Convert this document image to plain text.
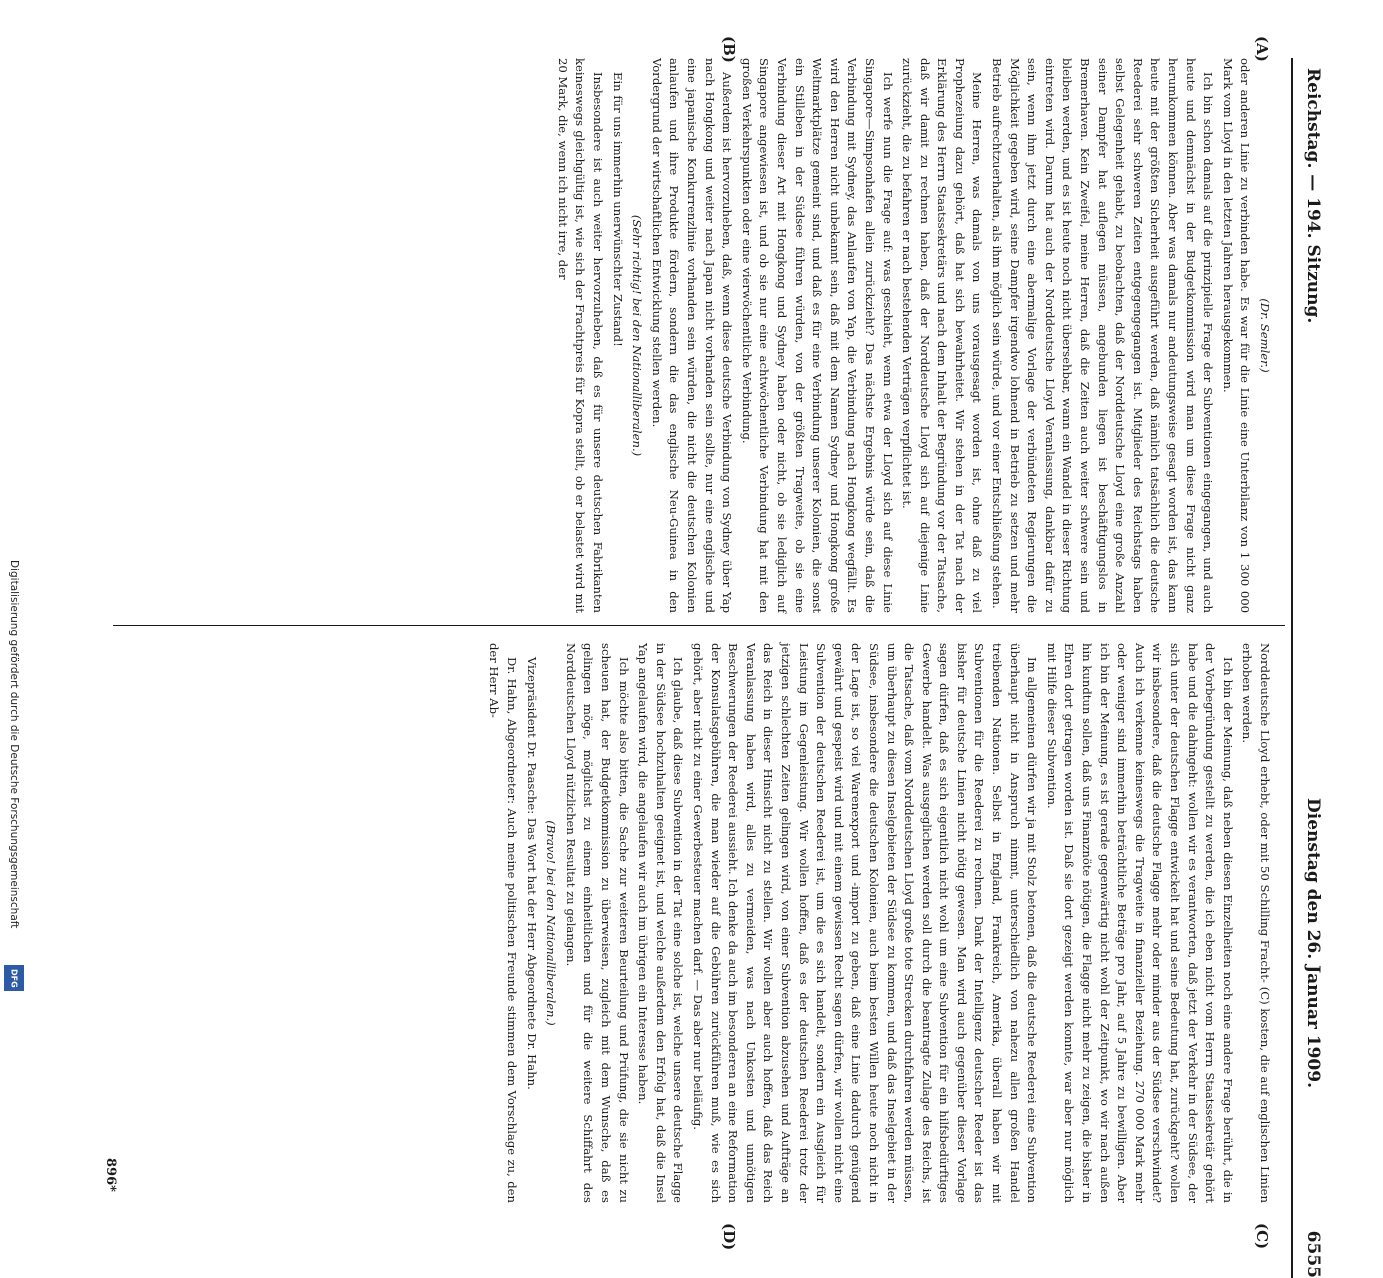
Digitalisierung gefördert durch die Deutsche Forschungsgemeinschaft
DFG
Reichstag. — 194. Sitzung.
Dienstag den 26. Januar 1909.
6555
(A)
(B)
(C)
(D)

(Dr. Semler.)

oder anderen Linie zu verbinden habe. Es war für die Linie eine Unterbilanz von 1 300 000 Mark vom Lloyd in den letzten Jahren herausgekommen.

Ich bin schon damals auf die prinzipielle Frage der Subventionen eingegangen, und auch heute und demnächst in der Budgetkommission wird man um diese Frage nicht ganz herumkommen können. Aber was damals nur andeutungsweise gesagt worden ist, das kann heute mit der größten Sicherheit ausgeführt werden, daß nämlich tatsächlich die deutsche Reederei sehr schweren Zeiten entgegengegangen ist. Mitglieder des Reichstags haben selbst Gelegenheit gehabt, zu beobachten, daß der Norddeutsche Lloyd eine große Anzahl seiner Dampfer hat auflegen müssen, angebunden liegen ist beschäftigungslos in Bremerhaven. Kein Zweifel, meine Herren, daß die Zeiten auch weiter schwere sein und bleiben werden, und es ist heute noch nicht übersehbar, wann ein Wandel in dieser Richtung eintreten wird. Darum hat auch der Norddeutsche Lloyd Veranlassung, dankbar dafür zu sein, wenn ihm jetzt durch eine abermalige Vorlage der verbündeten Regierungen die Möglichkeit gegeben wird, seine Dampfer irgendwo lohnend in Betrieb zu setzen und mehr Betrieb aufrechtzuerhalten, als ihm möglich sein würde, und vor einer Entschließung stehen.

Meine Herren, was damals von uns vorausgesagt worden ist, ohne daß zu viel Prophezeiung dazu gehört, daß hat sich bewahrheitet. Wir stehen in der Tat nach der Erklärung des Herrn Staatssekretärs und nach dem Inhalt der Begründung vor der Tatsache, daß wir damit zu rechnen haben, daß der Norddeutsche Lloyd sich auf diejenige Linie zurückzieht, die zu befahren er nach bestehenden Verträgen verpflichtet ist.

Ich werfe nun die Frage auf: was geschieht, wenn etwa der Lloyd sich auf diese Linie Singapore—Simpsonhafen allein zurückzieht? Das nächste Ergebnis würde sein, daß die Verbindung mit Sydney, das Anlaufen von Yap, die Verbindung nach Hongkong wegfällt. Es wird den Herren nicht unbekannt sein, daß mit dem Namen Sydney und Hongkong große Weltmarktplätze gemeint sind, und daß es für eine Verbindung unserer Kolonien, die sonst ein Stilleben in der Südsee führen würden, von der größten Tragweite, ob sie eine Verbindung dieser Art mit Hongkong und Sydney haben oder nicht, ob sie lediglich auf Singapore angewiesen ist, und ob sie nur eine achtwöchentliche Verbindung hat mit den großen Verkehrspunkten oder eine vierwöchentliche Verbindung.

Außerdem ist hervorzuheben, daß, wenn diese deutsche Verbindung von Sydney über Yap nach Hongkong und weiter nach Japan nicht vorhanden sein sollte, nur eine englische und eine japanische Konkurrenzlinie vorhanden sein würden, die nicht die deutschen Kolonien anlaufen und ihre Produkte fördern, sondern die das englische Neu-Guinea in den Vordergrund der wirtschaftlichen Entwicklung stellen werden.

(Sehr richtig! bei den Nationalliberalen.)

Ein für uns immerhin unerwünschter Zustand!

Insbesondere ist auch weiter hervorzuheben, daß es für unsere deutschen Fabrikanten keineswegs gleichgültig ist, wie sich der Frachtpreis für Kopra stellt, ob er belastet wird mit 20 Mark, die, wenn ich nicht irre, der

Norddeutsche Lloyd erhebt, oder mit 50 Schilling Fracht- (C) kosten, die auf englischen Linien erhoben werden.

Ich bin der Meinung, daß neben diesen Einzelheiten noch eine andere Frage berührt, die in der Vorbegründung gestellt zu werden, die ich eben nicht vom Herrn Staatssekretär gehört habe und die dahingeht: wollen wir es verantworten, daß jetzt der Verkehr in der Südsee, der sich unter der deutschen Flagge entwickelt hat und seine Bedeutung hat, zurückgeht? wollen wir insbesondere, daß die deutsche Flagge mehr oder minder aus der Südsee verschwindet? Auch ich verkenne keineswegs die Tragweite in finanzieller Beziehung. 270 000 Mark mehr oder weniger sind immerhin beträchtliche Beträge pro Jahr, auf 5 Jahre zu bewilligen. Aber ich bin der Meinung, es ist gerade gegenwärtig nicht wohl der Zeitpunkt, wo wir nach außen hin kundtun sollen, daß uns Finanznöte nötigen, die Flagge nicht mehr zu zeigen, die bisher in Ehren dort getragen worden ist. Daß sie dort gezeigt werden konnte, war aber nur möglich mit Hilfe dieser Subvention.

Im allgemeinen dürfen wir ja mit Stolz betonen, daß die deutsche Reederei eine Subvention überhaupt nicht in Anspruch nimmt, unterschiedlich von nahezu allen großen Handel treibenden Nationen. Selbst in England, Frankreich, Amerika, überall haben wir mit Subventionen für die Reederei zu rechnen. Dank der Intelligenz deutscher Reeder ist das bisher für deutsche Linien nicht nötig gewesen. Man wird auch gegenüber dieser Vorlage sagen dürfen, daß es sich eigentlich nicht wohl um eine Subvention für ein hilfsbedürftiges Gewerbe handelt. Was ausgeglichen werden soll durch die beantragte Zulage des Reichs, ist die Tatsache, daß vom Norddeutschen Lloyd große tote Strecken durchfahren werden müssen, um überhaupt zu diesen Inselgebieten der Südsee zu kommen, und daß das Inselgebiet in der Südsee, insbesondere die deutschen Kolonien, auch beim besten Willen heute noch nicht in der Lage ist, so viel Warenexport und -import zu geben, daß eine Linie dadurch genügend gewährt und gespeist wird und mit einem gewissen Recht sagen dürfen, wir wollen nicht eine Subvention der deutschen Reederei ist, um die es sich handelt, sondern ein Ausgleich für Leistung im Gegenleistung. Wir wollen hoffen, daß es der deutschen Reederei trotz der jetzigen schlechten Zeiten gelingen wird, von einer Subvention abzusehen und Aufträge an das Reich in dieser Hinsicht nicht zu stellen. Wir wollen aber auch hoffen, daß das Reich Veranlassung haben wird, alles zu vermeiden, was nach Unkosten und unnötigen Beschwerungen der Reederei aussieht. Ich denke da auch im besonderen an eine Reformation der Konsulatsgebühren, die man wieder auf die Gebühren zurückführen muß, wie es sich gehört, aber nicht zu einer Gewerbesteuer machen darf. — Das aber nur beiläufig.

Ich glaube, daß diese Subvention in der Tat eine solche ist, welche unsere deutsche Flagge in der Südsee hochzuhalten geeignet ist, und welche außerdem den Erfolg hat, daß die Insel Yap angelaufen wird, die angelaufen wir auch im übrigen ein Interesse haben.

Ich möchte also bitten, die Sache zur weiteren Beurteilung und Prüfung, die sie nicht zu scheuen hat, der Budgetkommission zu überweisen, zugleich mit dem Wunsche, daß es gelingen möge, möglichst zu einem einheitlichen und für die weitere Schiffahrt des Norddeutschen Lloyd nützlichen Resultat zu gelangen.

(Bravo! bei den Nationalliberalen.)

Vizepräsident Dr. Paasche: Das Wort hat der Herr Abgeordnete Dr. Hahn.

Dr. Hahn, Abgeordneter: Auch meine politischen Freunde stimmen dem Vorschlage zu, den der Herr Ab-

896*
